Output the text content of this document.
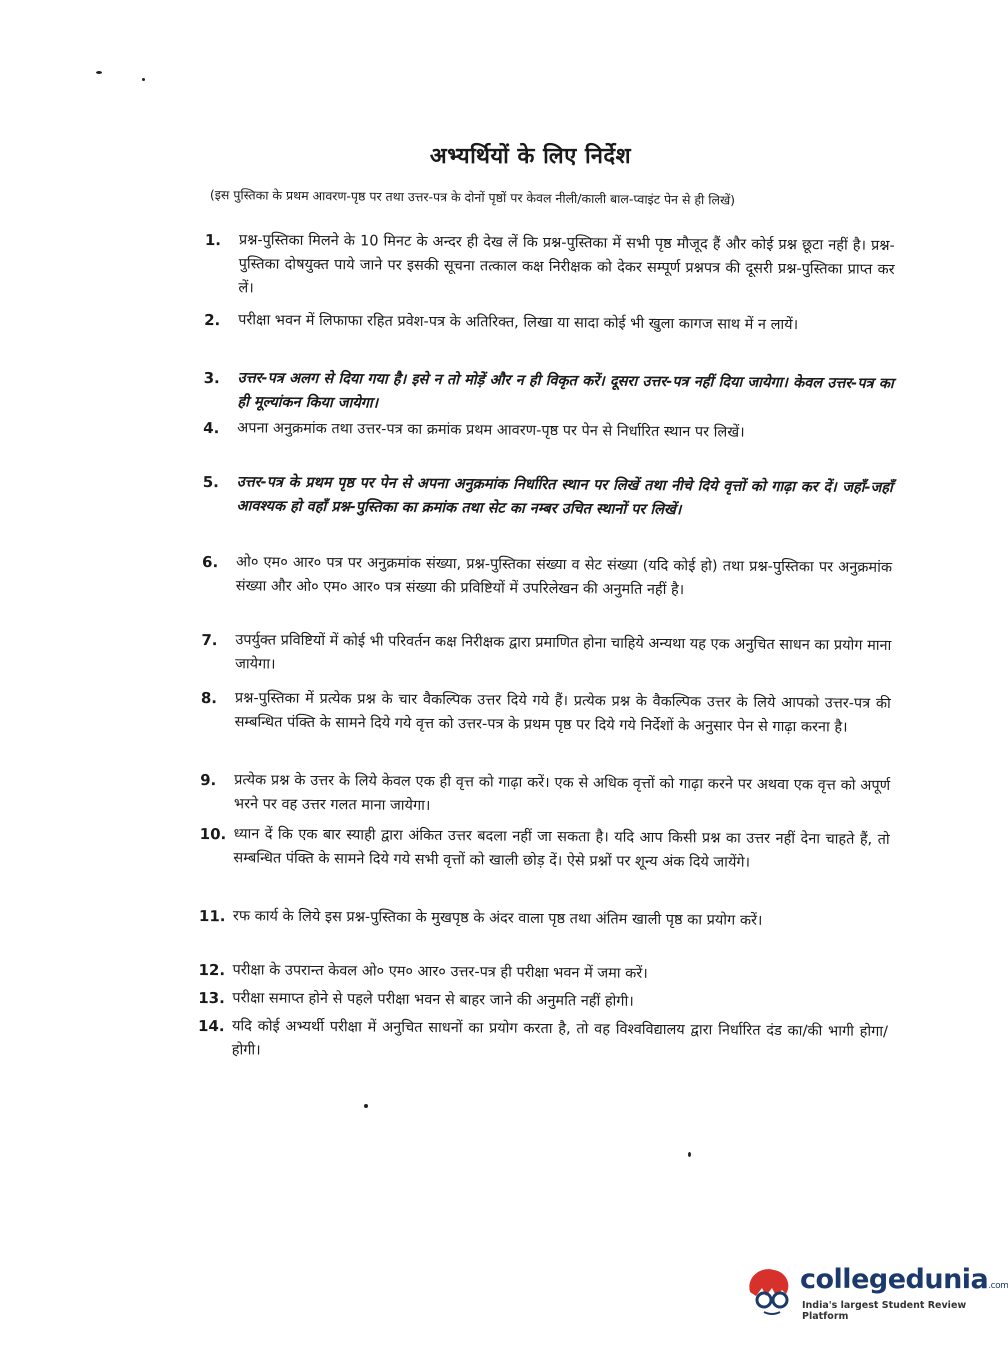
अभ्यर्थियों के लिए निर्देश
(इस पुस्तिका के प्रथम आवरण-पृष्ठ पर तथा उत्तर-पत्र के दोनों पृष्ठों पर केवल नीली/काली बाल-प्वाइंट पेन से ही लिखें)
1. प्रश्न-पुस्तिका मिलने के 10 मिनट के अन्दर ही देख लें कि प्रश्न-पुस्तिका में सभी पृष्ठ मौजूद हैं और कोई प्रश्न छूटा नहीं है। प्रश्न-पुस्तिका दोषयुक्त पाये जाने पर इसकी सूचना तत्काल कक्ष निरीक्षक को देकर सम्पूर्ण प्रश्नपत्र की दूसरी प्रश्न-पुस्तिका प्राप्त कर लें।
2. परीक्षा भवन में लिफाफा रहित प्रवेश-पत्र के अतिरिक्त, लिखा या सादा कोई भी खुला कागज साथ में न लायें।
3. उत्तर-पत्र अलग से दिया गया है। इसे न तो मोड़ें और न ही विकृत करें। दूसरा उत्तर-पत्र नहीं दिया जायेगा। केवल उत्तर-पत्र का ही मूल्यांकन किया जायेगा।
4. अपना अनुक्रमांक तथा उत्तर-पत्र का क्रमांक प्रथम आवरण-पृष्ठ पर पेन से निर्धारित स्थान पर लिखें।
5. उत्तर-पत्र के प्रथम पृष्ठ पर पेन से अपना अनुक्रमांक निर्धारित स्थान पर लिखें तथा नीचे दिये वृत्तों को गाढ़ा कर दें। जहाँ-जहाँ आवश्यक हो वहाँ प्रश्न-पुस्तिका का क्रमांक तथा सेट का नम्बर उचित स्थानों पर लिखें।
6. ओ० एम० आर० पत्र पर अनुक्रमांक संख्या, प्रश्न-पुस्तिका संख्या व सेट संख्या (यदि कोई हो) तथा प्रश्न-पुस्तिका पर अनुक्रमांक संख्या और ओ० एम० आर० पत्र संख्या की प्रविष्टियों में उपरिलेखन की अनुमति नहीं है।
7. उपर्युक्त प्रविष्टियों में कोई भी परिवर्तन कक्ष निरीक्षक द्वारा प्रमाणित होना चाहिये अन्यथा यह एक अनुचित साधन का प्रयोग माना जायेगा।
8. प्रश्न-पुस्तिका में प्रत्येक प्रश्न के चार वैकल्पिक उत्तर दिये गये हैं। प्रत्येक प्रश्न के वैकल्पिक उत्तर के लिये आपको उत्तर-पत्र की सम्बन्धित पंक्ति के सामने दिये गये वृत्त को उत्तर-पत्र के प्रथम पृष्ठ पर दिये गये निर्देशों के अनुसार पेन से गाढ़ा करना है।
9. प्रत्येक प्रश्न के उत्तर के लिये केवल एक ही वृत्त को गाढ़ा करें। एक से अधिक वृत्तों को गाढ़ा करने पर अथवा एक वृत्त को अपूर्ण भरने पर वह उत्तर गलत माना जायेगा।
10. ध्यान दें कि एक बार स्याही द्वारा अंकित उत्तर बदला नहीं जा सकता है। यदि आप किसी प्रश्न का उत्तर नहीं देना चाहते हैं, तो सम्बन्धित पंक्ति के सामने दिये गये सभी वृत्तों को खाली छोड़ दें। ऐसे प्रश्नों पर शून्य अंक दिये जायेंगे।
11. रफ कार्य के लिये इस प्रश्न-पुस्तिका के मुखपृष्ठ के अंदर वाला पृष्ठ तथा अंतिम खाली पृष्ठ का प्रयोग करें।
12. परीक्षा के उपरान्त केवल ओ० एम० आर० उत्तर-पत्र ही परीक्षा भवन में जमा करें।
13. परीक्षा समाप्त होने से पहले परीक्षा भवन से बाहर जाने की अनुमति नहीं होगी।
14. यदि कोई अभ्यर्थी परीक्षा में अनुचित साधनों का प्रयोग करता है, तो वह विश्वविद्यालय द्वारा निर्धारित दंड का/की भागी होगा/होगी।
collegedunia.com
India's largest Student Review Platform
